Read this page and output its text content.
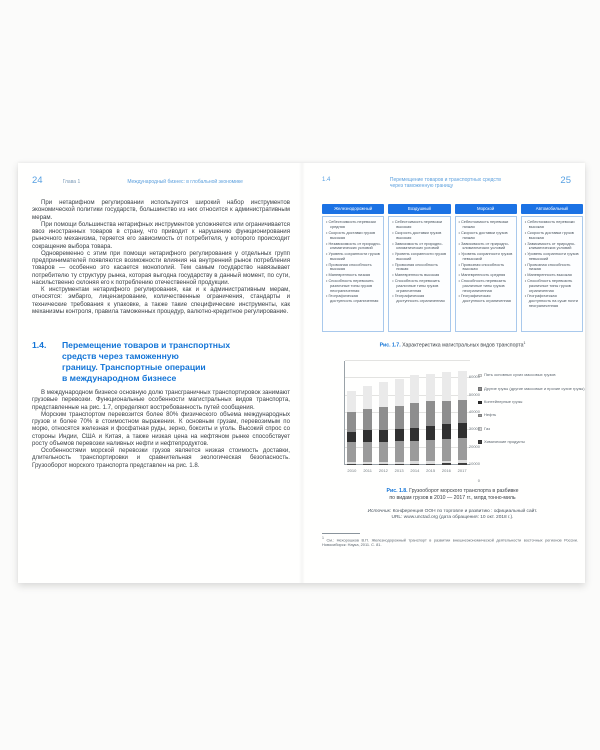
24	Глава 1	Международный бизнес: в глобальной экономике

При нетарифном регулировании используется широкий набор инструментов экономической политики государств, большинство из них относится к административным мерам.

При помощи большинства нетарифных инструментов усложняется или ограничивается ввоз иностранных товаров в страну, что приводит к нарушению функционирования рыночного механизма, теряется его зависимость от потребителя, у которого происходит сокращение выбора товара.

Одновременно с этим при помощи нетарифного регулирования у отдельных групп предпринимателей появляются возможности влияния на внутренний рынок потребления товаров — особенно это касается монополий. Тем самым государство навязывает потребителю ту структуру рынка, которая выгодна государству в данный момент, по сути, насильственно склоняя его к потреблению отечественной продукции.

К инструментам нетарифного регулирования, как и к административным мерам, относятся: эмбарго, лицензирование, количественные ограничения, стандарты и технические требования к упаковке, а также такие специфические инструменты, как механизмы контроля, правила таможенных процедур, валютно-кредитное регулирование.

1.4.	Перемещение товаров и транспортных
средств через таможенную
границу. Транспортные операции
в международном бизнесе

В международном бизнесе основную долю трансграничных транспортировок занимают грузовые перевозки. Функциональные особенности магистральных видов транспорта, представленные на рис. 1.7, определяют востребованность путей сообщения.

Морским транспортом перевозится более 80% физического объема международных грузов и более 70% в стоимостном выражении. К основным грузам, перевозимым по морю, относятся железная и фосфатная руды, зерно, бокситы и уголь. Высокий спрос со стороны Индии, США и Китая, а также низкая цена на нефтяном рынке способствует росту объемов перевозки наливных нефти и нефтепродуктов.

Особенностями морской перевозки грузов является низкая стоимость доставки, длительность транспортировки и сравнительная экологическая безопасность. Грузооборот морского транспорта представлен на рис. 1.8.

1.4	Перемещение товаров и транспортных средств
через таможенную границу
25
Железнодорожный
• Себестоимость перевозки средняя
• Скорость доставки грузов высокая
• Независимость от природно-климатических условий
• Уровень сохранности грузов высокий
• Провозная способность высокая
• Маневренность низкая
• Способность перевозить различные типы грузов неограниченная
• Географическая доступность ограниченная
Воздушный
• Себестоимость перевозки высокая
• Скорость доставки грузов высокая
• Зависимость от природно-климатических условий
• Уровень сохранности грузов высокий
• Провозная способность низкая
• Маневренность высокая
• Способность перевозить различные типы грузов ограниченная
• Географическая доступность ограниченная
Морской
• Себестоимость перевозки низкая
• Скорость доставки грузов низкая
• Зависимость от природно-климатических условий
• Уровень сохранности грузов невысокий
• Провозная способность высокая
• Маневренность средняя
• Способность перевозить различные типы грузов неограниченная
• Географическая доступность ограниченная
Автомобильный
• Себестоимость перевозки высокая
• Скорость доставки грузов высокая
• Зависимость от природно-климатических условий
• Уровень сохранности грузов невысокий
• Провозная способность низкая
• Маневренность высокая
• Способность перевозить различные типы грузов ограниченная
• Географическая доступность на суше почти неограниченная
Рис. 1.7. Характеристика магистральных видов транспорта$^1$
2010	2011	2012	2013	2014	2015	2016	2017
Пять основных сухих массовых грузов
Другие грузы (другие массовые и прочие сухие грузы)
Контейнерные грузы
Нефть
Газ
Химические продукты
0
10000
20000
30000
40000
50000
60000
Рис. 1.8. Грузооборот морского транспорта в разбивке
по видам грузов в 2010 — 2017 гг., млрд тонно-миль
Источник: Конференция ООН по торговле и развитию : официальный сайт.
URL: www.unctad.org (дата обращения: 10 окт. 2018 г.).
1 См.: Нехорошков В.П. Железнодорожный транспорт в развитии внешнеэкономической деятельности восточных регионов России. Новосибирск: Наука, 2011. С. 81.
